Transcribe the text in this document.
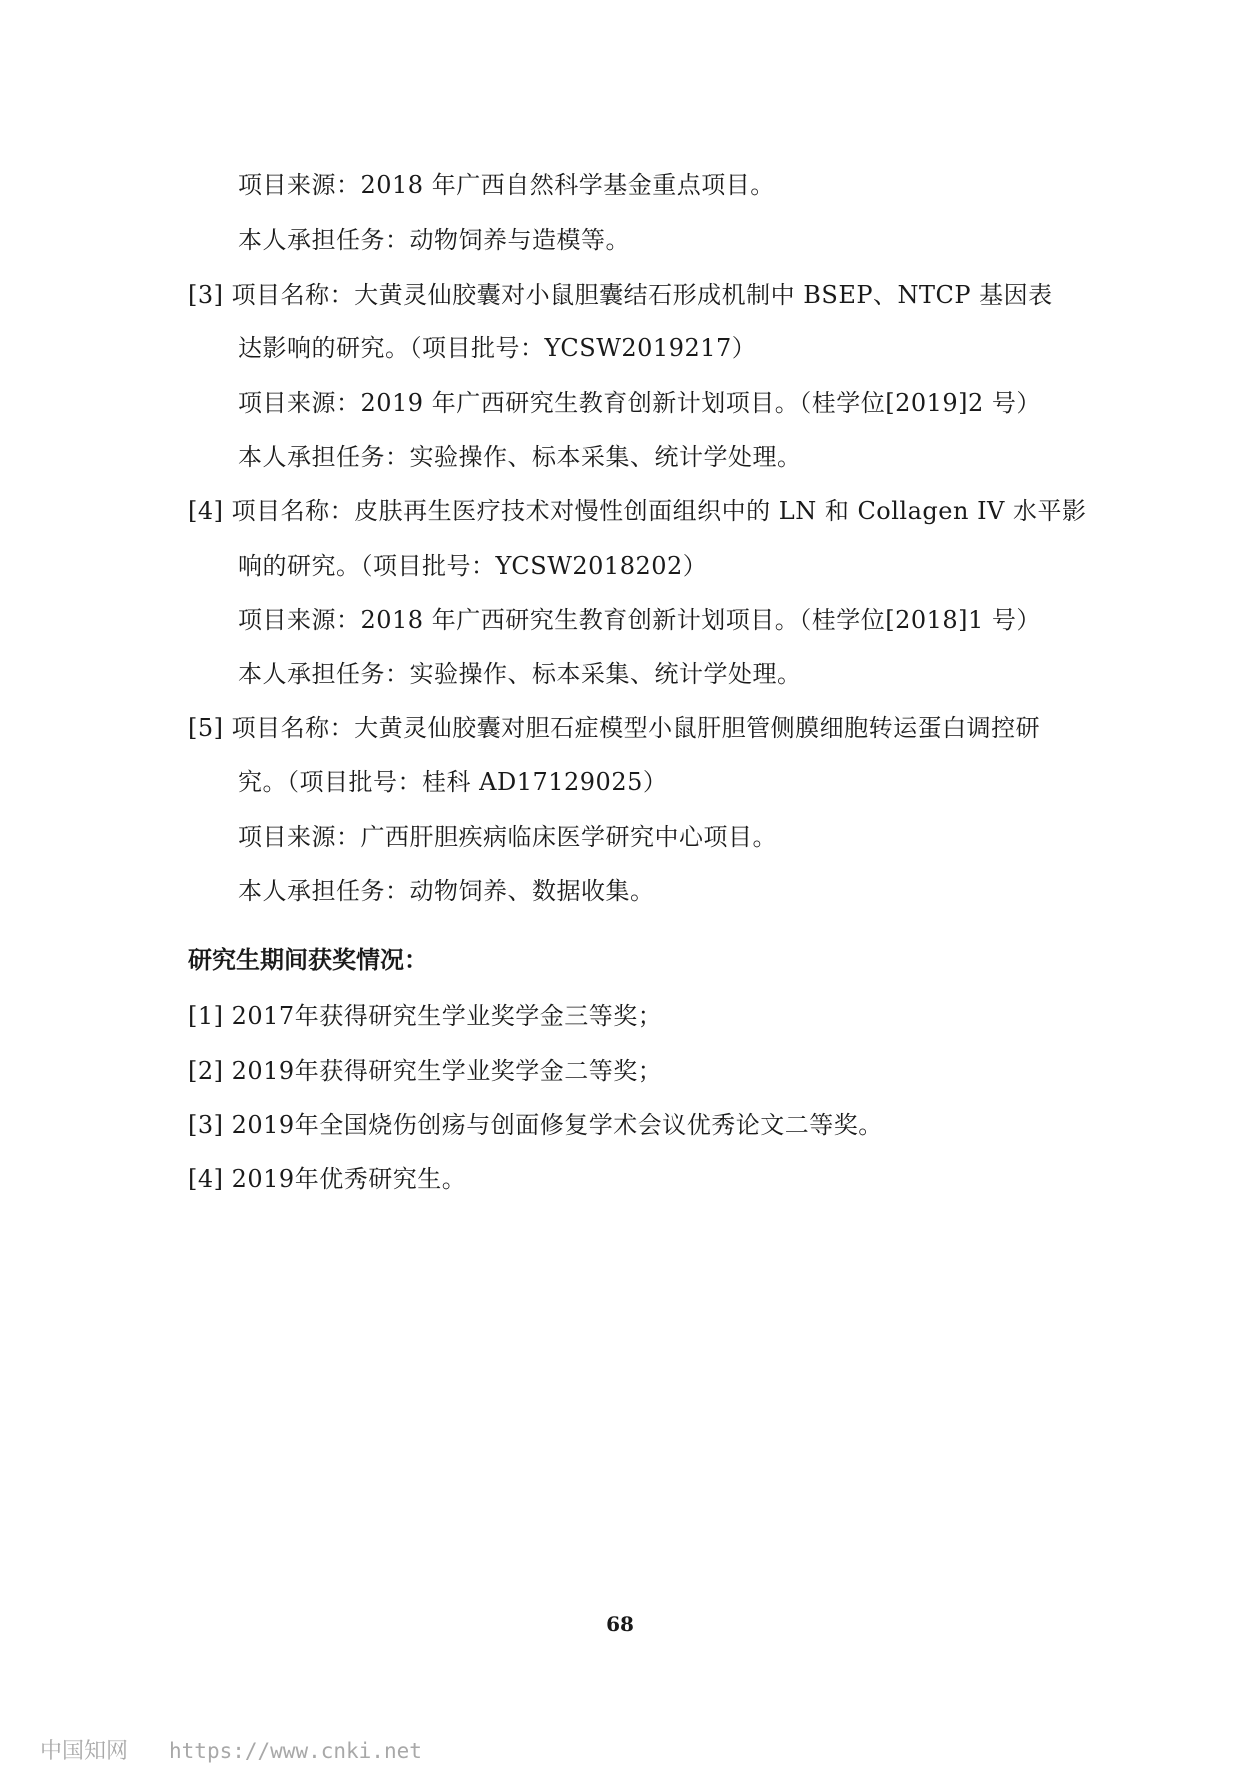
项目来源：2018 年广西自然科学基金重点项目。
本人承担任务：动物饲养与造模等。
[3] 项目名称：大黄灵仙胶囊对小鼠胆囊结石形成机制中 BSEP、NTCP 基因表
达影响的研究。（项目批号：YCSW2019217）
项目来源：2019 年广西研究生教育创新计划项目。（桂学位[2019]2 号）
本人承担任务：实验操作、标本采集、统计学处理。
[4] 项目名称：皮肤再生医疗技术对慢性创面组织中的 LN 和 Collagen IV 水平影
响的研究。（项目批号：YCSW2018202）
项目来源：2018 年广西研究生教育创新计划项目。（桂学位[2018]1 号）
本人承担任务：实验操作、标本采集、统计学处理。
[5] 项目名称：大黄灵仙胶囊对胆石症模型小鼠肝胆管侧膜细胞转运蛋白调控研
究。（项目批号：桂科 AD17129025）
项目来源：广西肝胆疾病临床医学研究中心项目。
本人承担任务：动物饲养、数据收集。
研究生期间获奖情况：
[1] 2017年获得研究生学业奖学金三等奖；
[2] 2019年获得研究生学业奖学金二等奖；
[3] 2019年全国烧伤创疡与创面修复学术会议优秀论文二等奖。
[4] 2019年优秀研究生。
68
中国知网 https://www.cnki.net
